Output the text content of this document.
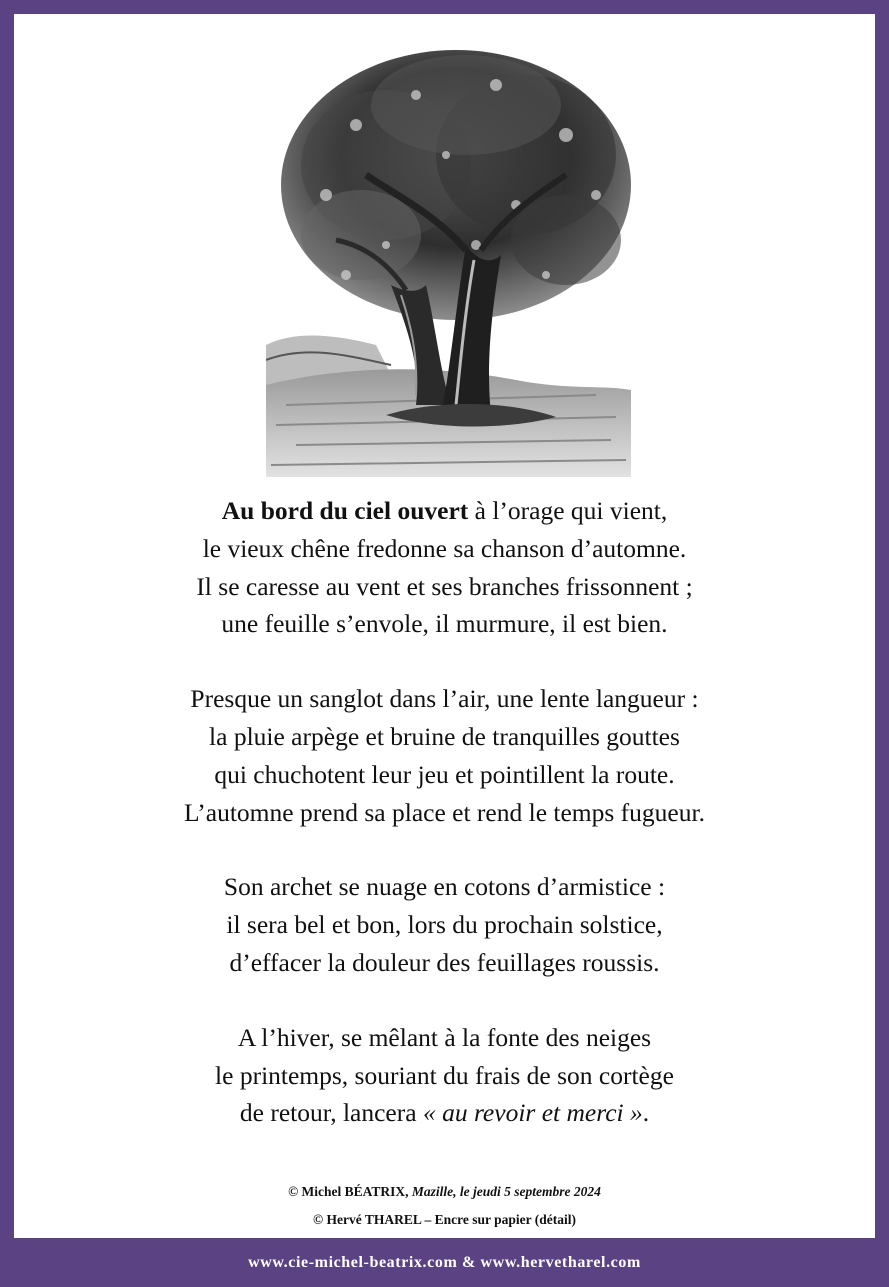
Au bord du ciel ouvert à l’orage qui vient,
le vieux chêne fredonne sa chanson d’automne.
Il se caresse au vent et ses branches frissonnent ;
une feuille s’envole, il murmure, il est bien.
Presque un sanglot dans l’air, une lente langueur :
la pluie arpège et bruine de tranquilles gouttes
qui chuchotent leur jeu et pointillent la route.
L’automne prend sa place et rend le temps fugueur.
Son archet se nuage en cotons d’armistice :
il sera bel et bon, lors du prochain solstice,
d’effacer la douleur des feuillages roussis.
A l’hiver, se mêlant à la fonte des neiges
le printemps, souriant du frais de son cortège
de retour, lancera « au revoir et merci ».
© Michel BÉATRIX, Mazille, le jeudi 5 septembre 2024
© Hervé THAREL – Encre sur papier (détail)
www.cie-michel-beatrix.com & www.hervetharel.com
